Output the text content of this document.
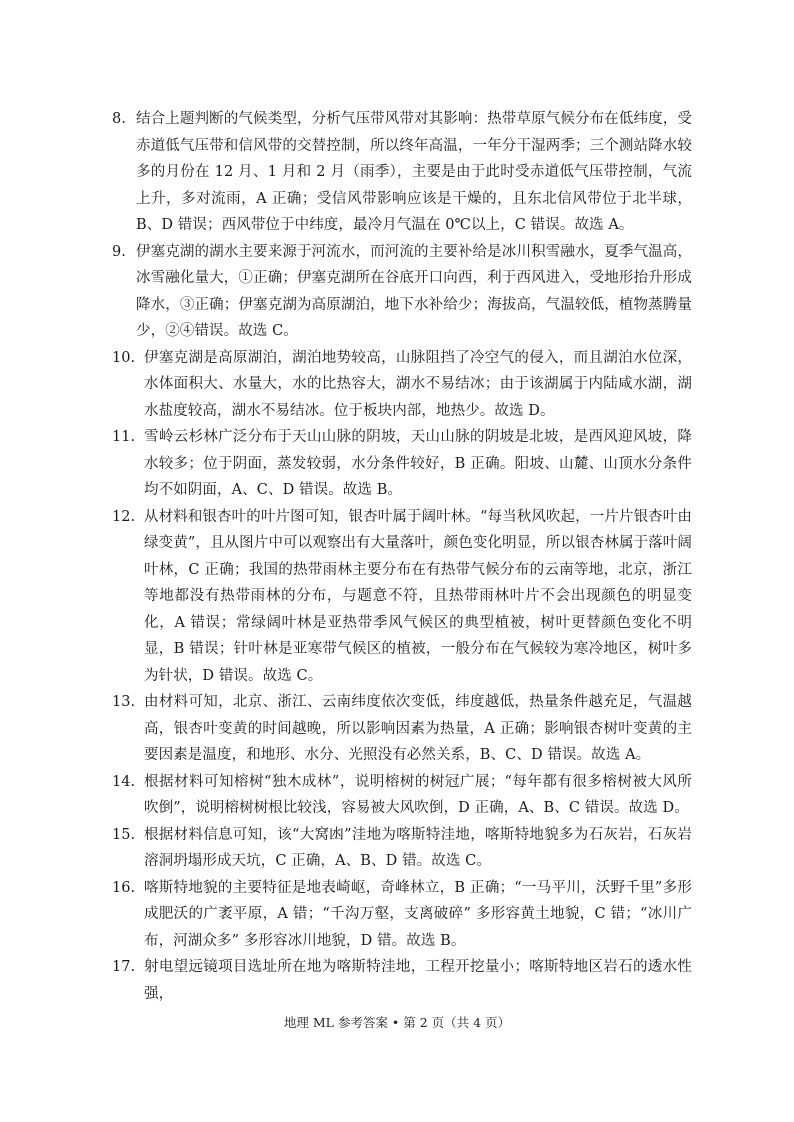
8. 结合上题判断的气候类型，分析气压带风带对其影响：热带草原气候分布在低纬度，受赤道低气压带和信风带的交替控制，所以终年高温，一年分干湿两季；三个测站降水较多的月份在 12 月、1 月和 2 月（雨季），主要是由于此时受赤道低气压带控制，气流上升，多对流雨，A 正确；受信风带影响应该是干燥的，且东北信风带位于北半球，B、D 错误；西风带位于中纬度，最冷月气温在 0℃以上，C 错误。故选 A。
9. 伊塞克湖的湖水主要来源于河流水，而河流的主要补给是冰川积雪融水，夏季气温高，冰雪融化量大，①正确；伊塞克湖所在谷底开口向西，利于西风进入，受地形抬升形成降水，③正确；伊塞克湖为高原湖泊，地下水补给少；海拔高，气温较低，植物蒸腾量少，②④错误。故选 C。
10. 伊塞克湖是高原湖泊，湖泊地势较高，山脉阻挡了冷空气的侵入，而且湖泊水位深，水体面积大、水量大，水的比热容大，湖水不易结冰；由于该湖属于内陆咸水湖，湖水盐度较高，湖水不易结冰。位于板块内部，地热少。故选 D。
11. 雪岭云杉林广泛分布于天山山脉的阴坡，天山山脉的阴坡是北坡，是西风迎风坡，降水较多；位于阴面，蒸发较弱，水分条件较好，B 正确。阳坡、山麓、山顶水分条件均不如阴面，A、C、D 错误。故选 B。
12. 从材料和银杏叶的叶片图可知，银杏叶属于阔叶林。“每当秋风吹起，一片片银杏叶由绿变黄”，且从图片中可以观察出有大量落叶，颜色变化明显，所以银杏林属于落叶阔叶林，C 正确；我国的热带雨林主要分布在有热带气候分布的云南等地，北京，浙江等地都没有热带雨林的分布，与题意不符，且热带雨林叶片不会出现颜色的明显变化，A 错误；常绿阔叶林是亚热带季风气候区的典型植被，树叶更替颜色变化不明显，B 错误；针叶林是亚寒带气候区的植被，一般分布在气候较为寒冷地区，树叶多为针状，D 错误。故选 C。
13. 由材料可知，北京、浙江、云南纬度依次变低，纬度越低，热量条件越充足，气温越高，银杏叶变黄的时间越晚，所以影响因素为热量，A 正确；影响银杏树叶变黄的主要因素是温度，和地形、水分、光照没有必然关系，B、C、D 错误。故选 A。
14. 根据材料可知榕树“独木成林”，说明榕树的树冠广展；“每年都有很多榕树被大风所吹倒”，说明榕树树根比较浅，容易被大风吹倒，D 正确，A、B、C 错误。故选 D。
15. 根据材料信息可知，该“大窝凼”洼地为喀斯特洼地，喀斯特地貌多为石灰岩，石灰岩溶洞坍塌形成天坑，C 正确，A、B、D 错。故选 C。
16. 喀斯特地貌的主要特征是地表崎岖，奇峰林立，B 正确；“一马平川，沃野千里”多形成肥沃的广袤平原，A 错；“千沟万壑，支离破碎” 多形容黄土地貌，C 错；“冰川广布，河湖众多” 多形容冰川地貌，D 错。故选 B。
17. 射电望远镜项目选址所在地为喀斯特洼地，工程开挖量小；喀斯特地区岩石的透水性强，
地理 ML 参考答案 • 第 2 页（共 4 页）
